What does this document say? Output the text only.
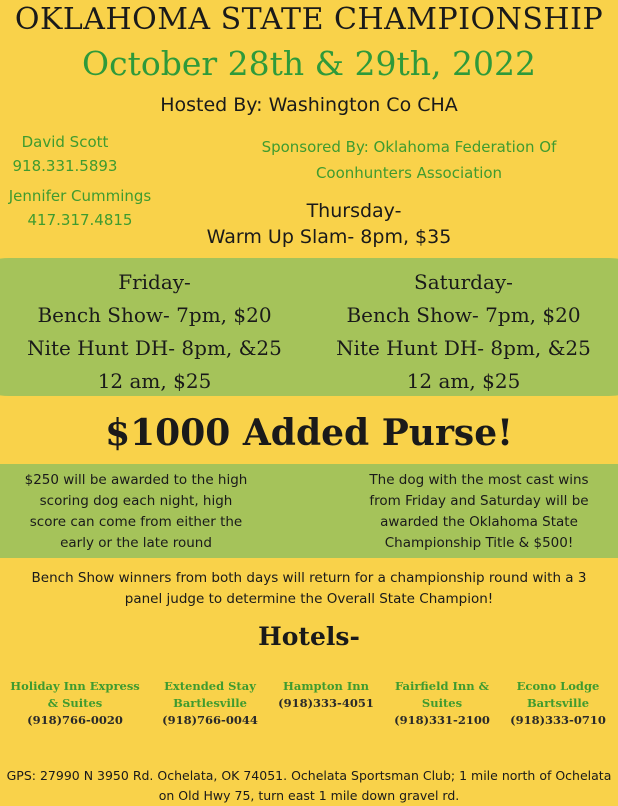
OKLAHOMA STATE CHAMPIONSHIP
October 28th & 29th, 2022
Hosted By: Washington Co CHA
David Scott
918.331.5893
Jennifer Cummings
417.317.4815
Sponsored By: Oklahoma Federation Of
Coonhunters Association
Thursday-
Warm Up Slam- 8pm, $35
Friday-
Bench Show- 7pm, $20
Nite Hunt DH- 8pm, &25
12 am, $25
Saturday-
Bench Show- 7pm, $20
Nite Hunt DH- 8pm, &25
12 am, $25
$1000 Added Purse!
$250 will be awarded to the high
scoring dog each night, high
score can come from either the
early or the late round
The dog with the most cast wins
from Friday and Saturday will be
awarded the Oklahoma State
Championship Title & $500!
Bench Show winners from both days will return for a championship round with a 3
panel judge to determine the Overall State Champion!
Hotels-
Holiday Inn Express
& Suites
(918)766-0020
Extended Stay
Bartlesville
(918)766-0044
Hampton Inn
(918)333-4051
Fairfield Inn &
Suites
(918)331-2100
Econo Lodge
Bartsville
(918)333-0710
GPS: 27990 N 3950 Rd. Ochelata, OK 74051. Ochelata Sportsman Club; 1 mile north of Ochelata
on Old Hwy 75, turn east 1 mile down gravel rd.
